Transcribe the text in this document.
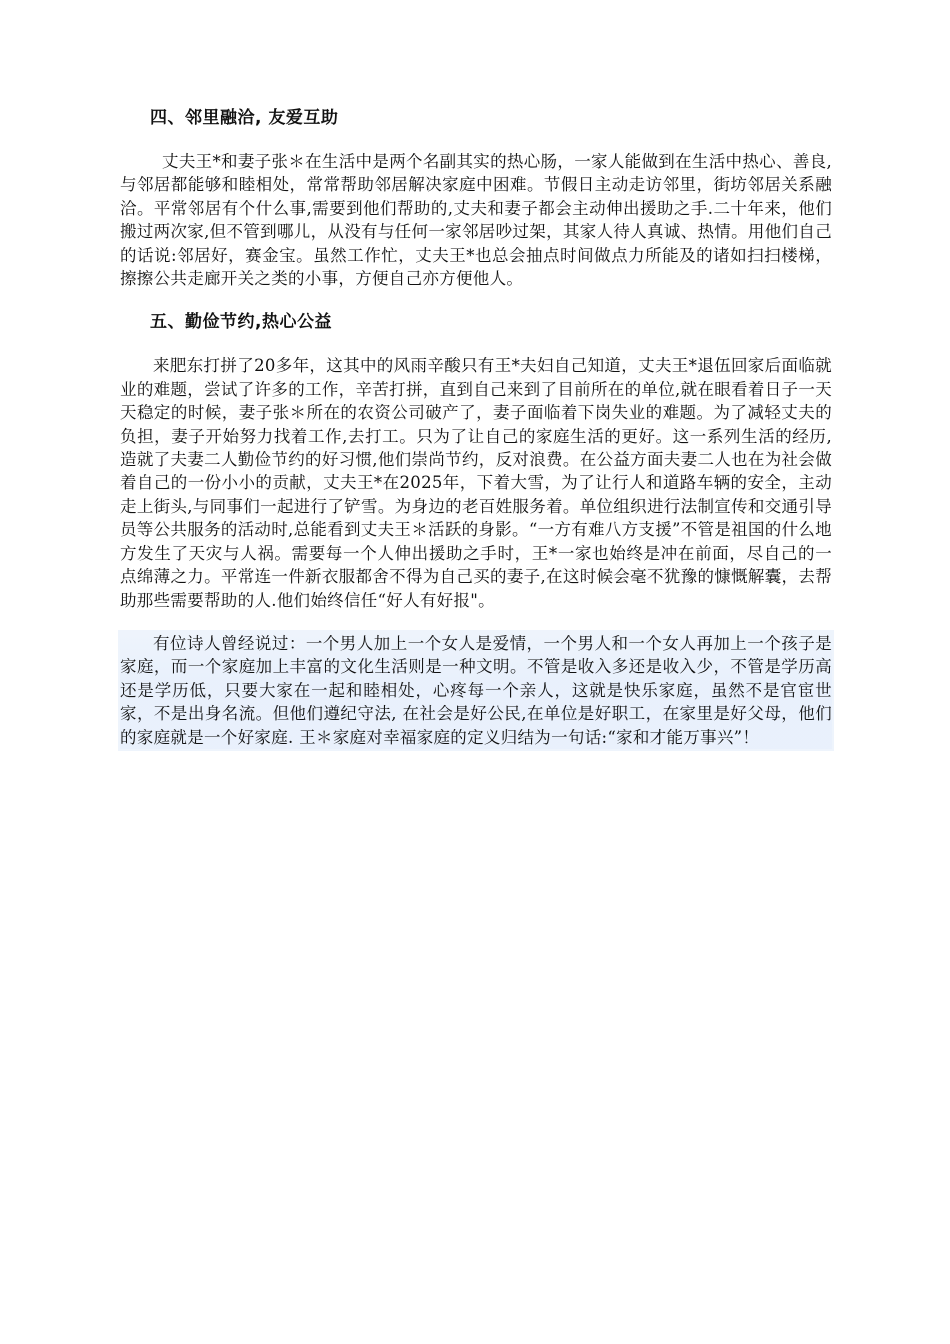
四、邻里融洽, 友爱互助

丈夫王*和妻子张＊在生活中是两个名副其实的热心肠，一家人能做到在生活中热心、善良,与邻居都能够和睦相处，常常帮助邻居解决家庭中困难。节假日主动走访邻里，街坊邻居关系融洽。平常邻居有个什么事,需要到他们帮助的,丈夫和妻子都会主动伸出援助之手.二十年来，他们搬过两次家,但不管到哪儿，从没有与任何一家邻居吵过架，其家人待人真诚、热情。用他们自己的话说:邻居好，赛金宝。虽然工作忙，丈夫王*也总会抽点时间做点力所能及的诸如扫扫楼梯，擦擦公共走廊开关之类的小事，方便自己亦方便他人。

五、勤俭节约,热心公益

来肥东打拼了20多年，这其中的风雨辛酸只有王*夫妇自己知道，丈夫王*退伍回家后面临就业的难题，尝试了许多的工作，辛苦打拼，直到自己来到了目前所在的单位,就在眼看着日子一天天稳定的时候，妻子张＊所在的农资公司破产了，妻子面临着下岗失业的难题。为了减轻丈夫的负担，妻子开始努力找着工作,去打工。只为了让自己的家庭生活的更好。这一系列生活的经历,造就了夫妻二人勤俭节约的好习惯,他们崇尚节约，反对浪费。在公益方面夫妻二人也在为社会做着自己的一份小小的贡献，丈夫王*在2025年，下着大雪，为了让行人和道路车辆的安全，主动走上街头,与同事们一起进行了铲雪。为身边的老百姓服务着。单位组织进行法制宣传和交通引导员等公共服务的活动时,总能看到丈夫王＊活跃的身影。“一方有难八方支援”不管是祖国的什么地方发生了天灾与人祸。需要每一个人伸出援助之手时，王*一家也始终是冲在前面，尽自己的一点绵薄之力。平常连一件新衣服都舍不得为自己买的妻子,在这时候会毫不犹豫的慷慨解囊，去帮助那些需要帮助的人.他们始终信任“好人有好报"。

有位诗人曾经说过：一个男人加上一个女人是爱情，一个男人和一个女人再加上一个孩子是家庭，而一个家庭加上丰富的文化生活则是一种文明。不管是收入多还是收入少，不管是学历高还是学历低，只要大家在一起和睦相处，心疼每一个亲人，这就是快乐家庭，虽然不是官宦世家，不是出身名流。但他们遵纪守法, 在社会是好公民,在单位是好职工，在家里是好父母，他们的家庭就是一个好家庭. 王＊家庭对幸福家庭的定义归结为一句话:“家和才能万事兴”！
